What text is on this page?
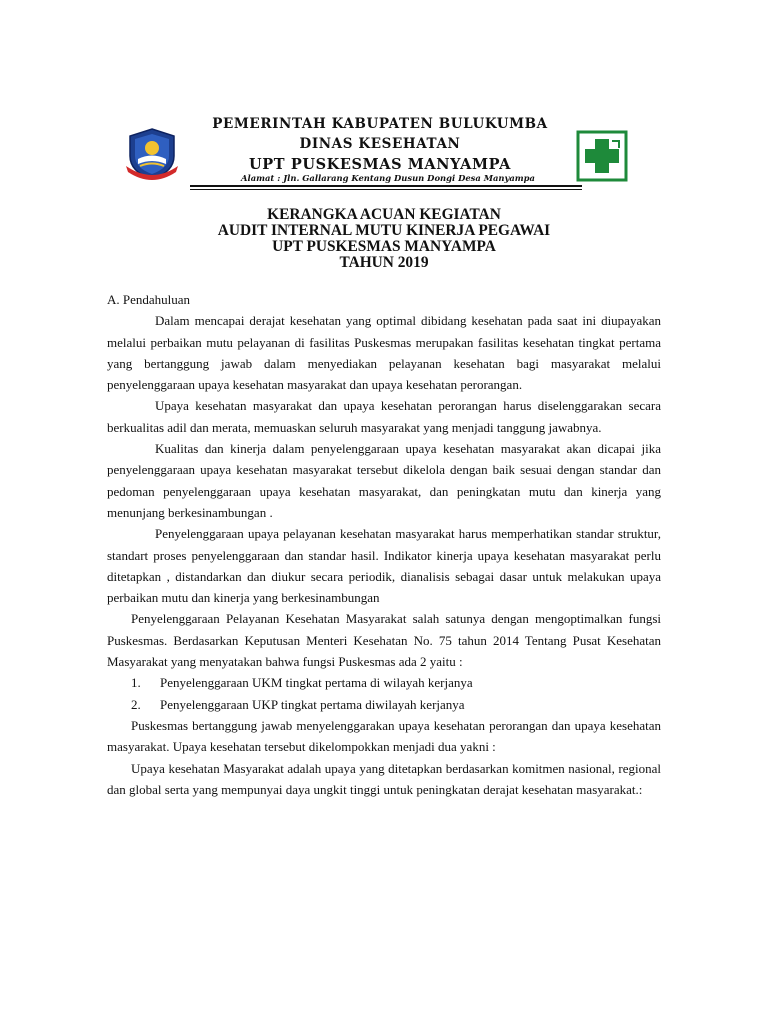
PEMERINTAH KABUPATEN BULUKUMBA

DINAS KESEHATAN

UPT PUSKESMAS MANYAMPA

Alamat : Jln. Gallarang Kentang Dusun Dongi Desa Manyampa
KERANGKA ACUAN KEGIATAN
AUDIT INTERNAL MUTU KINERJA PEGAWAI
UPT PUSKESMAS MANYAMPA
TAHUN 2019

A. Pendahuluan

Dalam mencapai derajat kesehatan yang optimal dibidang kesehatan pada saat ini diupayakan melalui perbaikan mutu pelayanan di fasilitas Puskesmas merupakan fasilitas kesehatan tingkat pertama yang bertanggung jawab dalam menyediakan pelayanan kesehatan bagi masyarakat melalui penyelenggaraan upaya kesehatan masyarakat dan upaya kesehatan perorangan.

Upaya kesehatan masyarakat dan upaya kesehatan perorangan harus diselenggarakan secara berkualitas adil dan merata, memuaskan seluruh masyarakat yang menjadi tanggung jawabnya.

Kualitas dan kinerja dalam penyelenggaraan upaya kesehatan masyarakat akan dicapai jika penyelenggaraan upaya kesehatan masyarakat tersebut dikelola dengan baik sesuai dengan standar dan pedoman penyelenggaraan upaya kesehatan masyarakat, dan peningkatan mutu dan kinerja yang menunjang berkesinambungan .

Penyelenggaraan upaya pelayanan kesehatan masyarakat harus memperhatikan standar struktur, standart proses penyelenggaraan dan standar hasil. Indikator kinerja upaya kesehatan masyarakat perlu ditetapkan , distandarkan dan diukur secara periodik, dianalisis sebagai dasar untuk melakukan upaya perbaikan mutu dan kinerja yang berkesinambungan

Penyelenggaraan Pelayanan Kesehatan Masyarakat salah satunya dengan mengoptimalkan fungsi Puskesmas. Berdasarkan Keputusan Menteri Kesehatan No. 75 tahun 2014 Tentang Pusat Kesehatan Masyarakat yang menyatakan bahwa fungsi Puskesmas ada 2 yaitu :

1. Penyelenggaraan UKM tingkat pertama di wilayah kerjanya
2. Penyelenggaraan UKP tingkat pertama diwilayah kerjanya

Puskesmas bertanggung jawab menyelenggarakan upaya kesehatan perorangan dan upaya kesehatan masyarakat. Upaya kesehatan tersebut dikelompokkan menjadi dua yakni :

Upaya kesehatan Masyarakat adalah upaya yang ditetapkan berdasarkan komitmen nasional, regional dan global serta yang mempunyai daya ungkit tinggi untuk peningkatan derajat kesehatan masyarakat.:
